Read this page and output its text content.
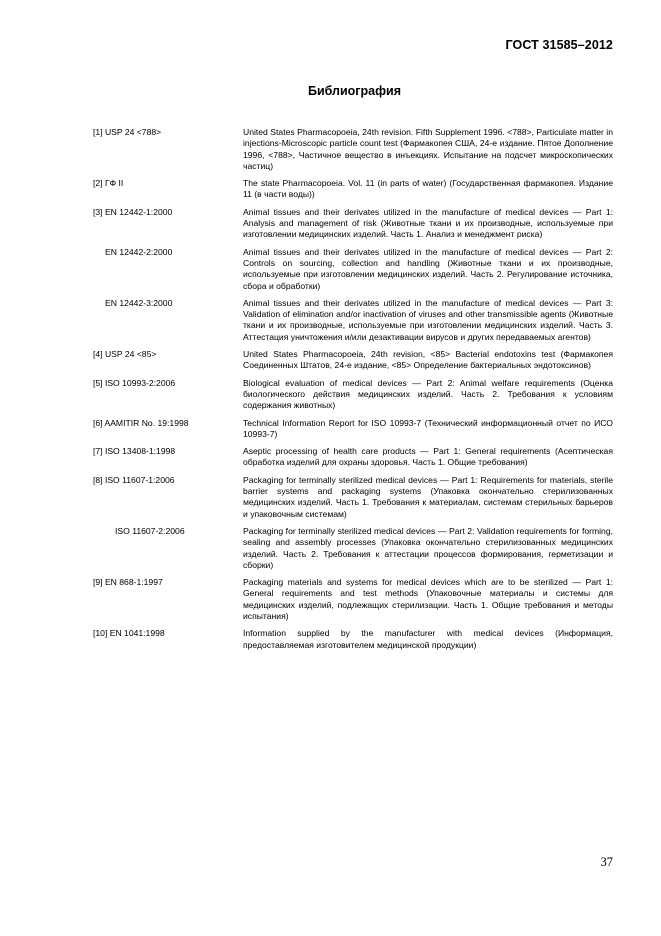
ГОСТ 31585–2012
Библиография
[1] USP 24 <788>	United States Pharmacopoeia, 24th revision. Fifth Supplement 1996. <788>, Particulate matter in injections-Microscopic particle count test (Фармакопея США, 24-е издание. Пятое Дополнение 1996, <788>, Частичное вещество в инъекциях. Испытание на подсчет микроскопических частиц)
[2] ГФ II	The state Pharmacopoeia. Vol. 11 (in parts of water) (Государственная фармакопея. Издание 11 (в части воды))
[3] EN 12442-1:2000	Animal tissues and their derivates utilized in the manufacture of medical devices — Part 1: Analysis and management of risk (Животные ткани и их производные, используемые при изготовлении медицинских изделий. Часть 1. Анализ и менеджмент риска)
EN 12442-2:2000	Animal tissues and their derivates utilized in the manufacture of medical devices — Part 2: Controls on sourcing, collection and handling (Животные ткани и их производные, используемые при изготовлении медицинских изделий. Часть 2. Регулирование источника, сбора и обработки)
EN 12442-3:2000	Animal tissues and their derivates utilized in the manufacture of medical devices — Part 3: Validation of elimination and/or inactivation of viruses and other transmissible agents (Животные ткани и их производные, используемые при изготовлении медицинских изделий. Часть 3. Аттестация уничтожения и/или дезактивации вирусов и других передаваемых агентов)
[4] USP 24 <85>	United States Pharmacopoeia, 24th revision, <85> Bacterial endotoxins test (Фармакопея Соединенных Штатов, 24-е издание, <85> Определение бактериальных эндотоксинов)
[5] ISO 10993-2:2006	Biological evaluation of medical devices — Part 2: Animal welfare requirements (Оценка биологического действия медицинских изделий. Часть 2. Требования к условиям содержания животных)
[6] AAMITIR No. 19:1998	Technical Information Report for ISO 10993-7 (Технический информационный отчет по ИСО 10993-7)
[7] ISO 13408-1:1998	Aseptic processing of health care products — Part 1: General requirements (Асептическая обработка изделий для охраны здоровья. Часть 1. Общие требования)
[8] ISO 11607-1:2006	Packaging for terminally sterilized medical devices — Part 1: Requirements for materials, sterile barrier systems and packaging systems (Упаковка окончательно стерилизованных медицинских изделий. Часть 1. Требования к материалам, системам стерильных барьеров и упаковочным системам)
ISO 11607-2:2006	Packaging for terminally sterilized medical devices — Part 2: Validation requirements for forming, sealing and assembly processes (Упаковка окончательно стерилизованных медицинских изделий. Часть 2. Требования к аттестации процессов формирования, герметизации и сборки)
[9] EN 868-1:1997	Packaging materials and systems for medical devices which are to be sterilized — Part 1: General requirements and test methods (Упаковочные материалы и системы для медицинских изделий, подлежащих стерилизации. Часть 1. Общие требования и методы испытания)
[10] EN 1041:1998	Information supplied by the manufacturer with medical devices (Информация, предоставляемая изготовителем медицинской продукции)
37
